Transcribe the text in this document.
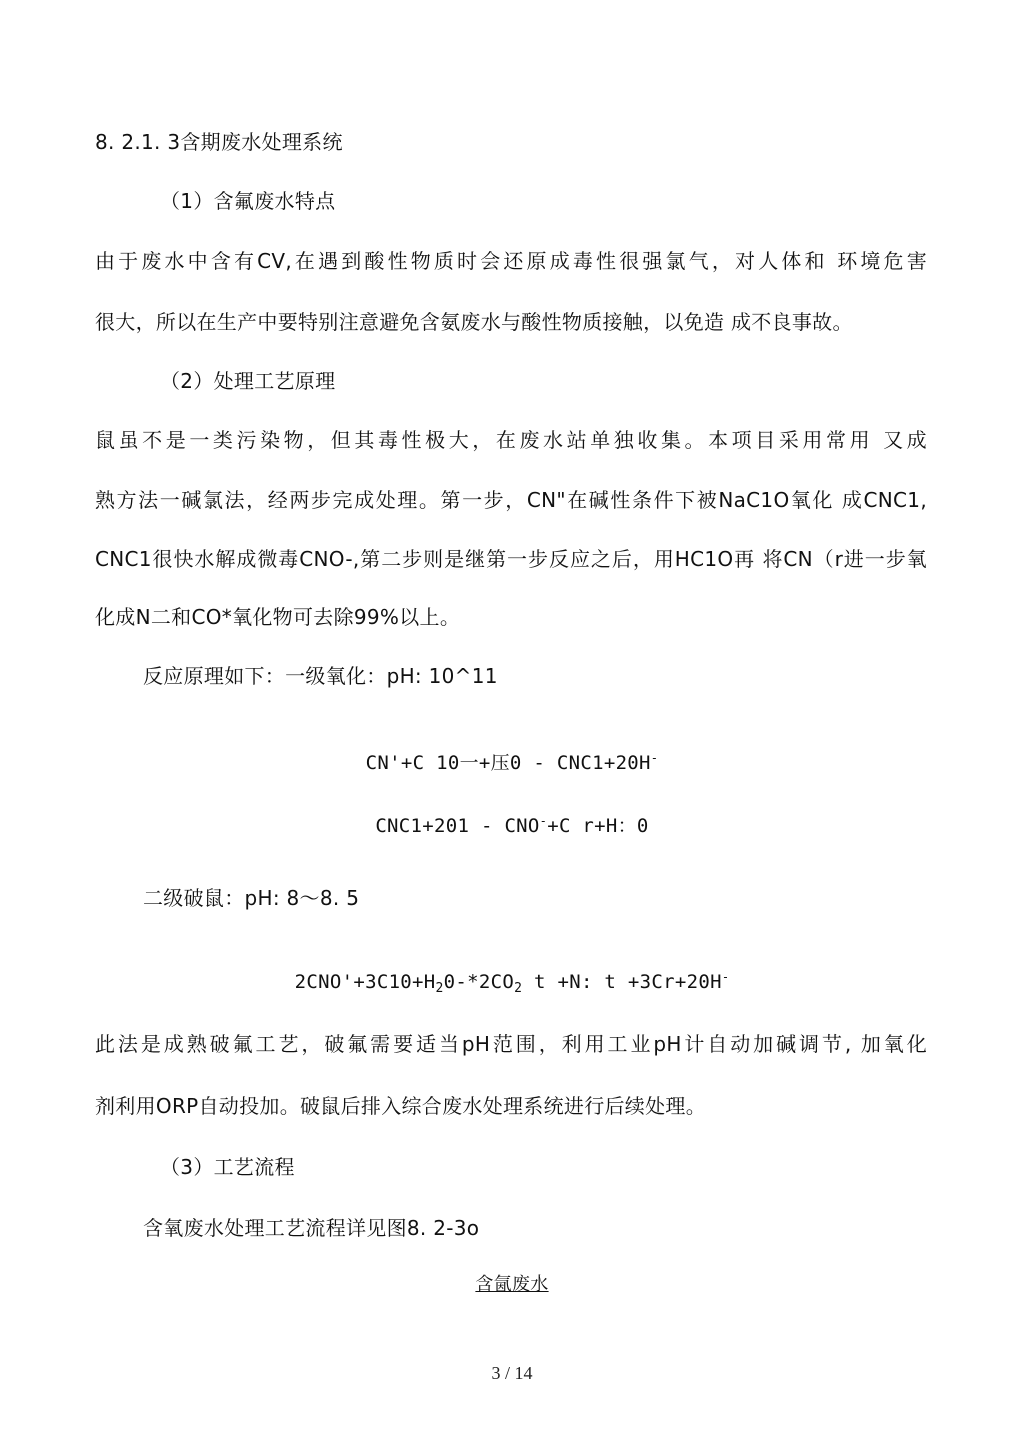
8. 2.1. 3含期废水处理系统
（1）含氟废水特点
由于废水中含有CV,在遇到酸性物质时会还原成毒性很强氯气，对人体和 环境危害
很大，所以在生产中要特别注意避免含氨废水与酸性物质接触，以免造 成不良事故。
（2）处理工艺原理
鼠虽不是一类污染物，但其毒性极大，在废水站单独收集。本项目采用常用 又成
熟方法一碱氯法，经两步完成处理。第一步，CN"在碱性条件下被NaC1O氧化 成CNC1,
CNC1很快水解成微毒CNO-,第二步则是继第一步反应之后，用HC1O再 将CN（r进一步氧
化成N二和CO*氧化物可去除99%以上。
反应原理如下：一级氧化：pH: 10^11
CN'+C 10一+压0 - CNC1+20H-
CNC1+201 - CNO-+C r+H：0
二级破鼠：pH: 8〜8. 5
$2CNO'+3C10+H_20-*2CO_2$ t +N: t +3Cr+20H-
此法是成熟破氟工艺，破氟需要适当pH范围，利用工业pH计自动加碱调节, 加氧化
剂利用ORP自动投加。破鼠后排入综合废水处理系统进行后续处理。
（3）工艺流程
含氧废水处理工艺流程详见图8. 2-3o
含氤废水
3 / 14
